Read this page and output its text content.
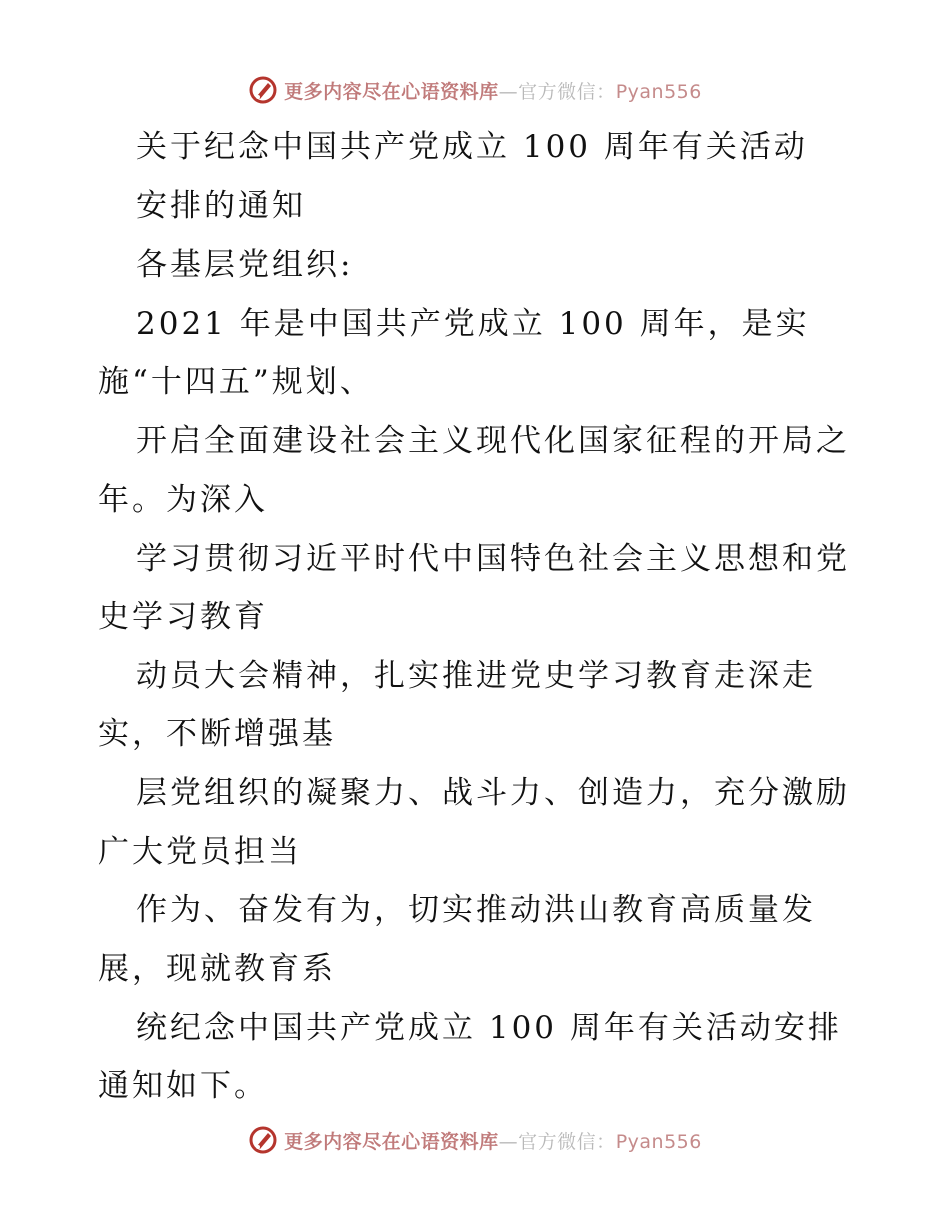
更多内容尽在心语资料库—官方微信：Pyan556
关于纪念中国共产党成立 100 周年有关活动
安排的通知
各基层党组织:
2021 年是中国共产党成立 100 周年，是实
施“十四五”规划、
开启全面建设社会主义现代化国家征程的开局之
年。为深入
学习贯彻习近平时代中国特色社会主义思想和党
史学习教育
动员大会精神，扎实推进党史学习教育走深走
实，不断增强基
层党组织的凝聚力、战斗力、创造力，充分激励
广大党员担当
作为、奋发有为，切实推动洪山教育高质量发
展，现就教育系
统纪念中国共产党成立 100 周年有关活动安排
通知如下。
更多内容尽在心语资料库—官方微信：Pyan556
